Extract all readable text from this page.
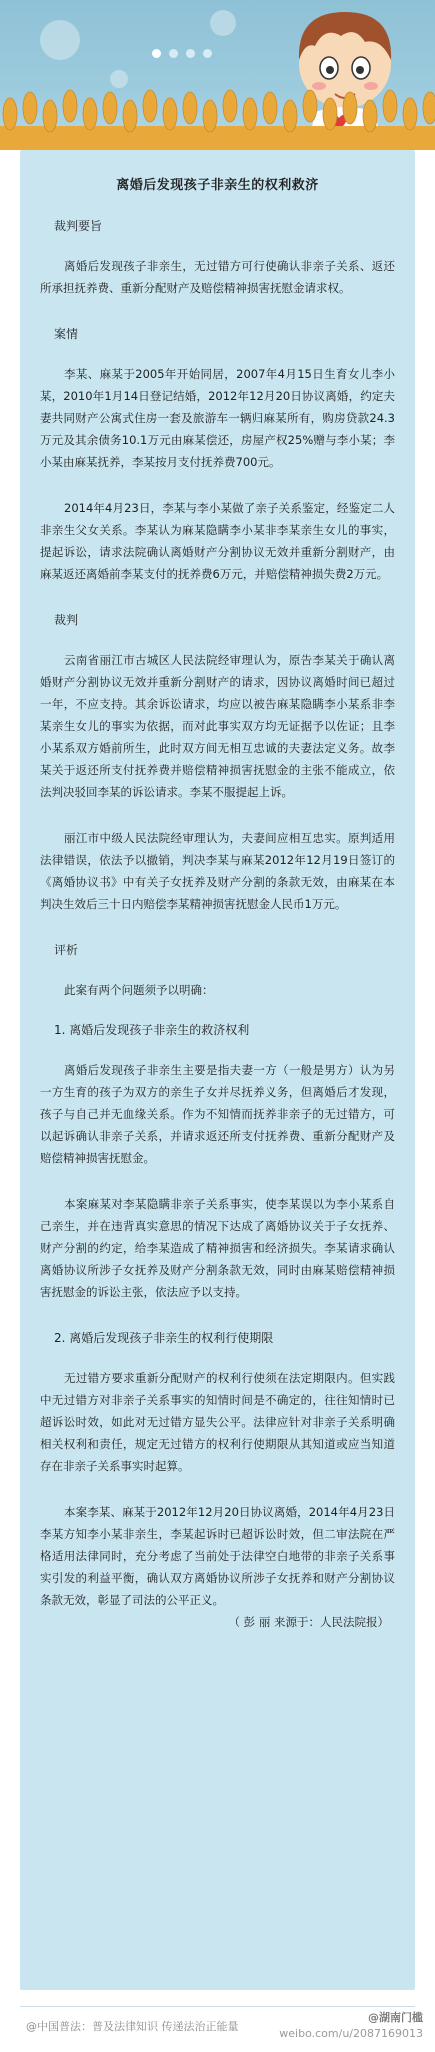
离婚后发现孩子非亲生的权利救济
裁判要旨

离婚后发现孩子非亲生，无过错方可行使确认非亲子关系、返还所承担抚养费、重新分配财产及赔偿精神损害抚慰金请求权。

案情

李某、麻某于2005年开始同居，2007年4月15日生育女儿李小某，2010年1月14日登记结婚，2012年12月20日协议离婚，约定夫妻共同财产公寓式住房一套及旅游车一辆归麻某所有，购房贷款24.3万元及其余债务10.1万元由麻某偿还，房屋产权25%赠与李小某；李小某由麻某抚养，李某按月支付抚养费700元。

2014年4月23日，李某与李小某做了亲子关系鉴定，经鉴定二人非亲生父女关系。李某认为麻某隐瞒李小某非李某亲生女儿的事实，提起诉讼，请求法院确认离婚财产分割协议无效并重新分割财产，由麻某返还离婚前李某支付的抚养费6万元，并赔偿精神损失费2万元。

裁判

云南省丽江市古城区人民法院经审理认为，原告李某关于确认离婚财产分割协议无效并重新分割财产的请求，因协议离婚时间已超过一年，不应支持。其余诉讼请求，均应以被告麻某隐瞒李小某系非李某亲生女儿的事实为依据，而对此事实双方均无证据予以佐证；且李小某系双方婚前所生，此时双方间无相互忠诚的夫妻法定义务。故李某关于返还所支付抚养费并赔偿精神损害抚慰金的主张不能成立，依法判决驳回李某的诉讼请求。李某不服提起上诉。

丽江市中级人民法院经审理认为，夫妻间应相互忠实。原判适用法律错误，依法予以撤销，判决李某与麻某2012年12月19日签订的《离婚协议书》中有关子女抚养及财产分割的条款无效，由麻某在本判决生效后三十日内赔偿李某精神损害抚慰金人民币1万元。

评析

此案有两个问题须予以明确：

1. 离婚后发现孩子非亲生的救济权利

离婚后发现孩子非亲生主要是指夫妻一方（一般是男方）认为另一方生育的孩子为双方的亲生子女并尽抚养义务，但离婚后才发现，孩子与自己并无血缘关系。作为不知情而抚养非亲子的无过错方，可以起诉确认非亲子关系，并请求返还所支付抚养费、重新分配财产及赔偿精神损害抚慰金。

本案麻某对李某隐瞒非亲子关系事实，使李某误以为李小某系自己亲生，并在违背真实意思的情况下达成了离婚协议关于子女抚养、财产分割的约定，给李某造成了精神损害和经济损失。李某请求确认离婚协议所涉子女抚养及财产分割条款无效，同时由麻某赔偿精神损害抚慰金的诉讼主张，依法应予以支持。

2. 离婚后发现孩子非亲生的权利行使期限

无过错方要求重新分配财产的权利行使须在法定期限内。但实践中无过错方对非亲子关系事实的知情时间是不确定的，往往知情时已超诉讼时效，如此对无过错方显失公平。法律应针对非亲子关系明确相关权利和责任，规定无过错方的权利行使期限从其知道或应当知道存在非亲子关系事实时起算。

本案李某、麻某于2012年12月20日协议离婚，2014年4月23日李某方知李小某非亲生，李某起诉时已超诉讼时效，但二审法院在严格适用法律同时，充分考虑了当前处于法律空白地带的非亲子关系事实引发的利益平衡，确认双方离婚协议所涉子女抚养和财产分割协议条款无效，彰显了司法的公平正义。

（ 彭 丽 来源于：人民法院报）
@中国普法：普及法律知识 传递法治正能量
@湖南门槛
weibo.com/u/2087169013
